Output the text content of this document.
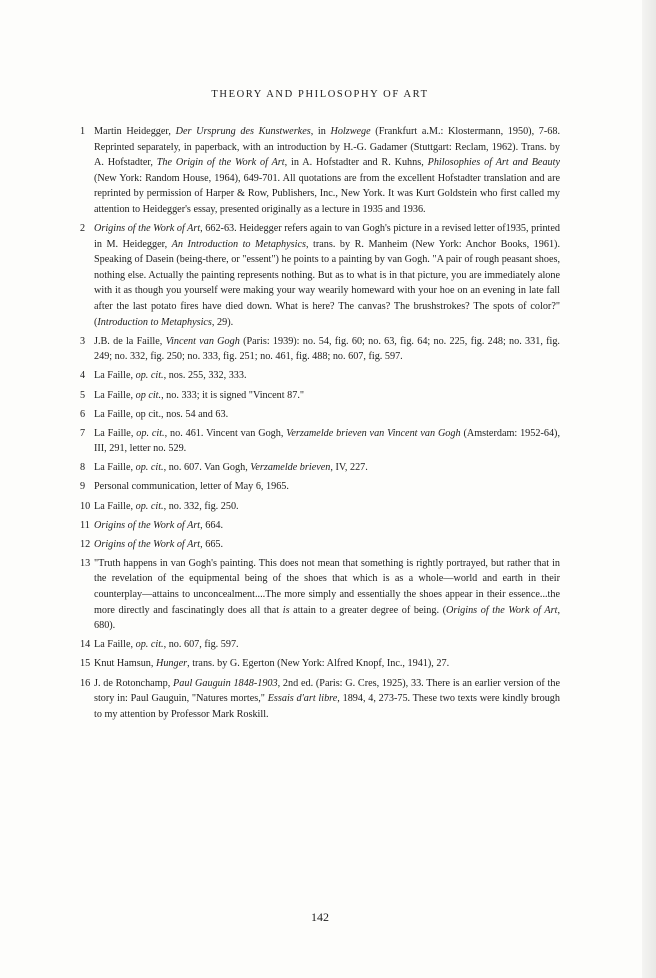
THEORY AND PHILOSOPHY OF ART
1 Martin Heidegger, Der Ursprung des Kunstwerkes, in Holzwege (Frankfurt a.M.: Klostermann, 1950), 7-68. Reprinted separately, in paperback, with an introduction by H.-G. Gadamer (Stuttgart: Reclam, 1962). Trans. by A. Hofstadter, The Origin of the Work of Art, in A. Hofstadter and R. Kuhns, Philosophies of Art and Beauty (New York: Random House, 1964), 649-701. All quotations are from the excellent Hofstadter translation and are reprinted by permission of Harper & Row, Publishers, Inc., New York. It was Kurt Goldstein who first called my attention to Heidegger's essay, presented originally as a lecture in 1935 and 1936.
2 Origins of the Work of Art, 662-63. Heidegger refers again to van Gogh's picture in a revised letter of1935, printed in M. Heidegger, An Introduction to Metaphysics, trans. by R. Manheim (New York: Anchor Books, 1961). Speaking of Dasein (being-there, or "essent") he points to a painting by van Gogh. "A pair of rough peasant shoes, nothing else. Actually the painting represents nothing. But as to what is in that picture, you are immediately alone with it as though you yourself were making your way wearily homeward with your hoe on an evening in late fall after the last potato fires have died down. What is here? The canvas? The brushstrokes? The spots of color?" (Introduction to Metaphysics, 29).
3 J.B. de la Faille, Vincent van Gogh (Paris: 1939): no. 54, fig. 60; no. 63, fig. 64; no. 225, fig. 248; no. 331, fig. 249; no. 332, fig. 250; no. 333, fig. 251; no. 461, fig. 488; no. 607, fig. 597.
4 La Faille, op. cit., nos. 255, 332, 333.
5 La Faille, op cit., no. 333; it is signed "Vincent 87."
6 La Faille, op cit., nos. 54 and 63.
7 La Faille, op. cit., no. 461. Vincent van Gogh, Verzamelde brieven van Vincent van Gogh (Amsterdam: 1952-64), III, 291, letter no. 529.
8 La Faille, op. cit., no. 607. Van Gogh, Verzamelde brieven, IV, 227.
9 Personal communication, letter of May 6, 1965.
10 La Faille, op. cit., no. 332, fig. 250.
11 Origins of the Work of Art, 664.
12 Origins of the Work of Art, 665.
13 "Truth happens in van Gogh's painting. This does not mean that something is rightly portrayed, but rather that in the revelation of the equipmental being of the shoes that which is as a whole—world and earth in their counterplay—attains to unconcealment....The more simply and essentially the shoes appear in their essence...the more directly and fascinatingly does all that is attain to a greater degree of being. (Origins of the Work of Art, 680).
14 La Faille, op. cit., no. 607, fig. 597.
15 Knut Hamsun, Hunger, trans. by G. Egerton (New York: Alfred Knopf, Inc., 1941), 27.
16 J. de Rotonchamp, Paul Gauguin 1848-1903, 2nd ed. (Paris: G. Cres, 1925), 33. There is an earlier version of the story in: Paul Gauguin, "Natures mortes," Essais d'art libre, 1894, 4, 273-75. These two texts were kindly brough to my attention by Professor Mark Roskill.
142
